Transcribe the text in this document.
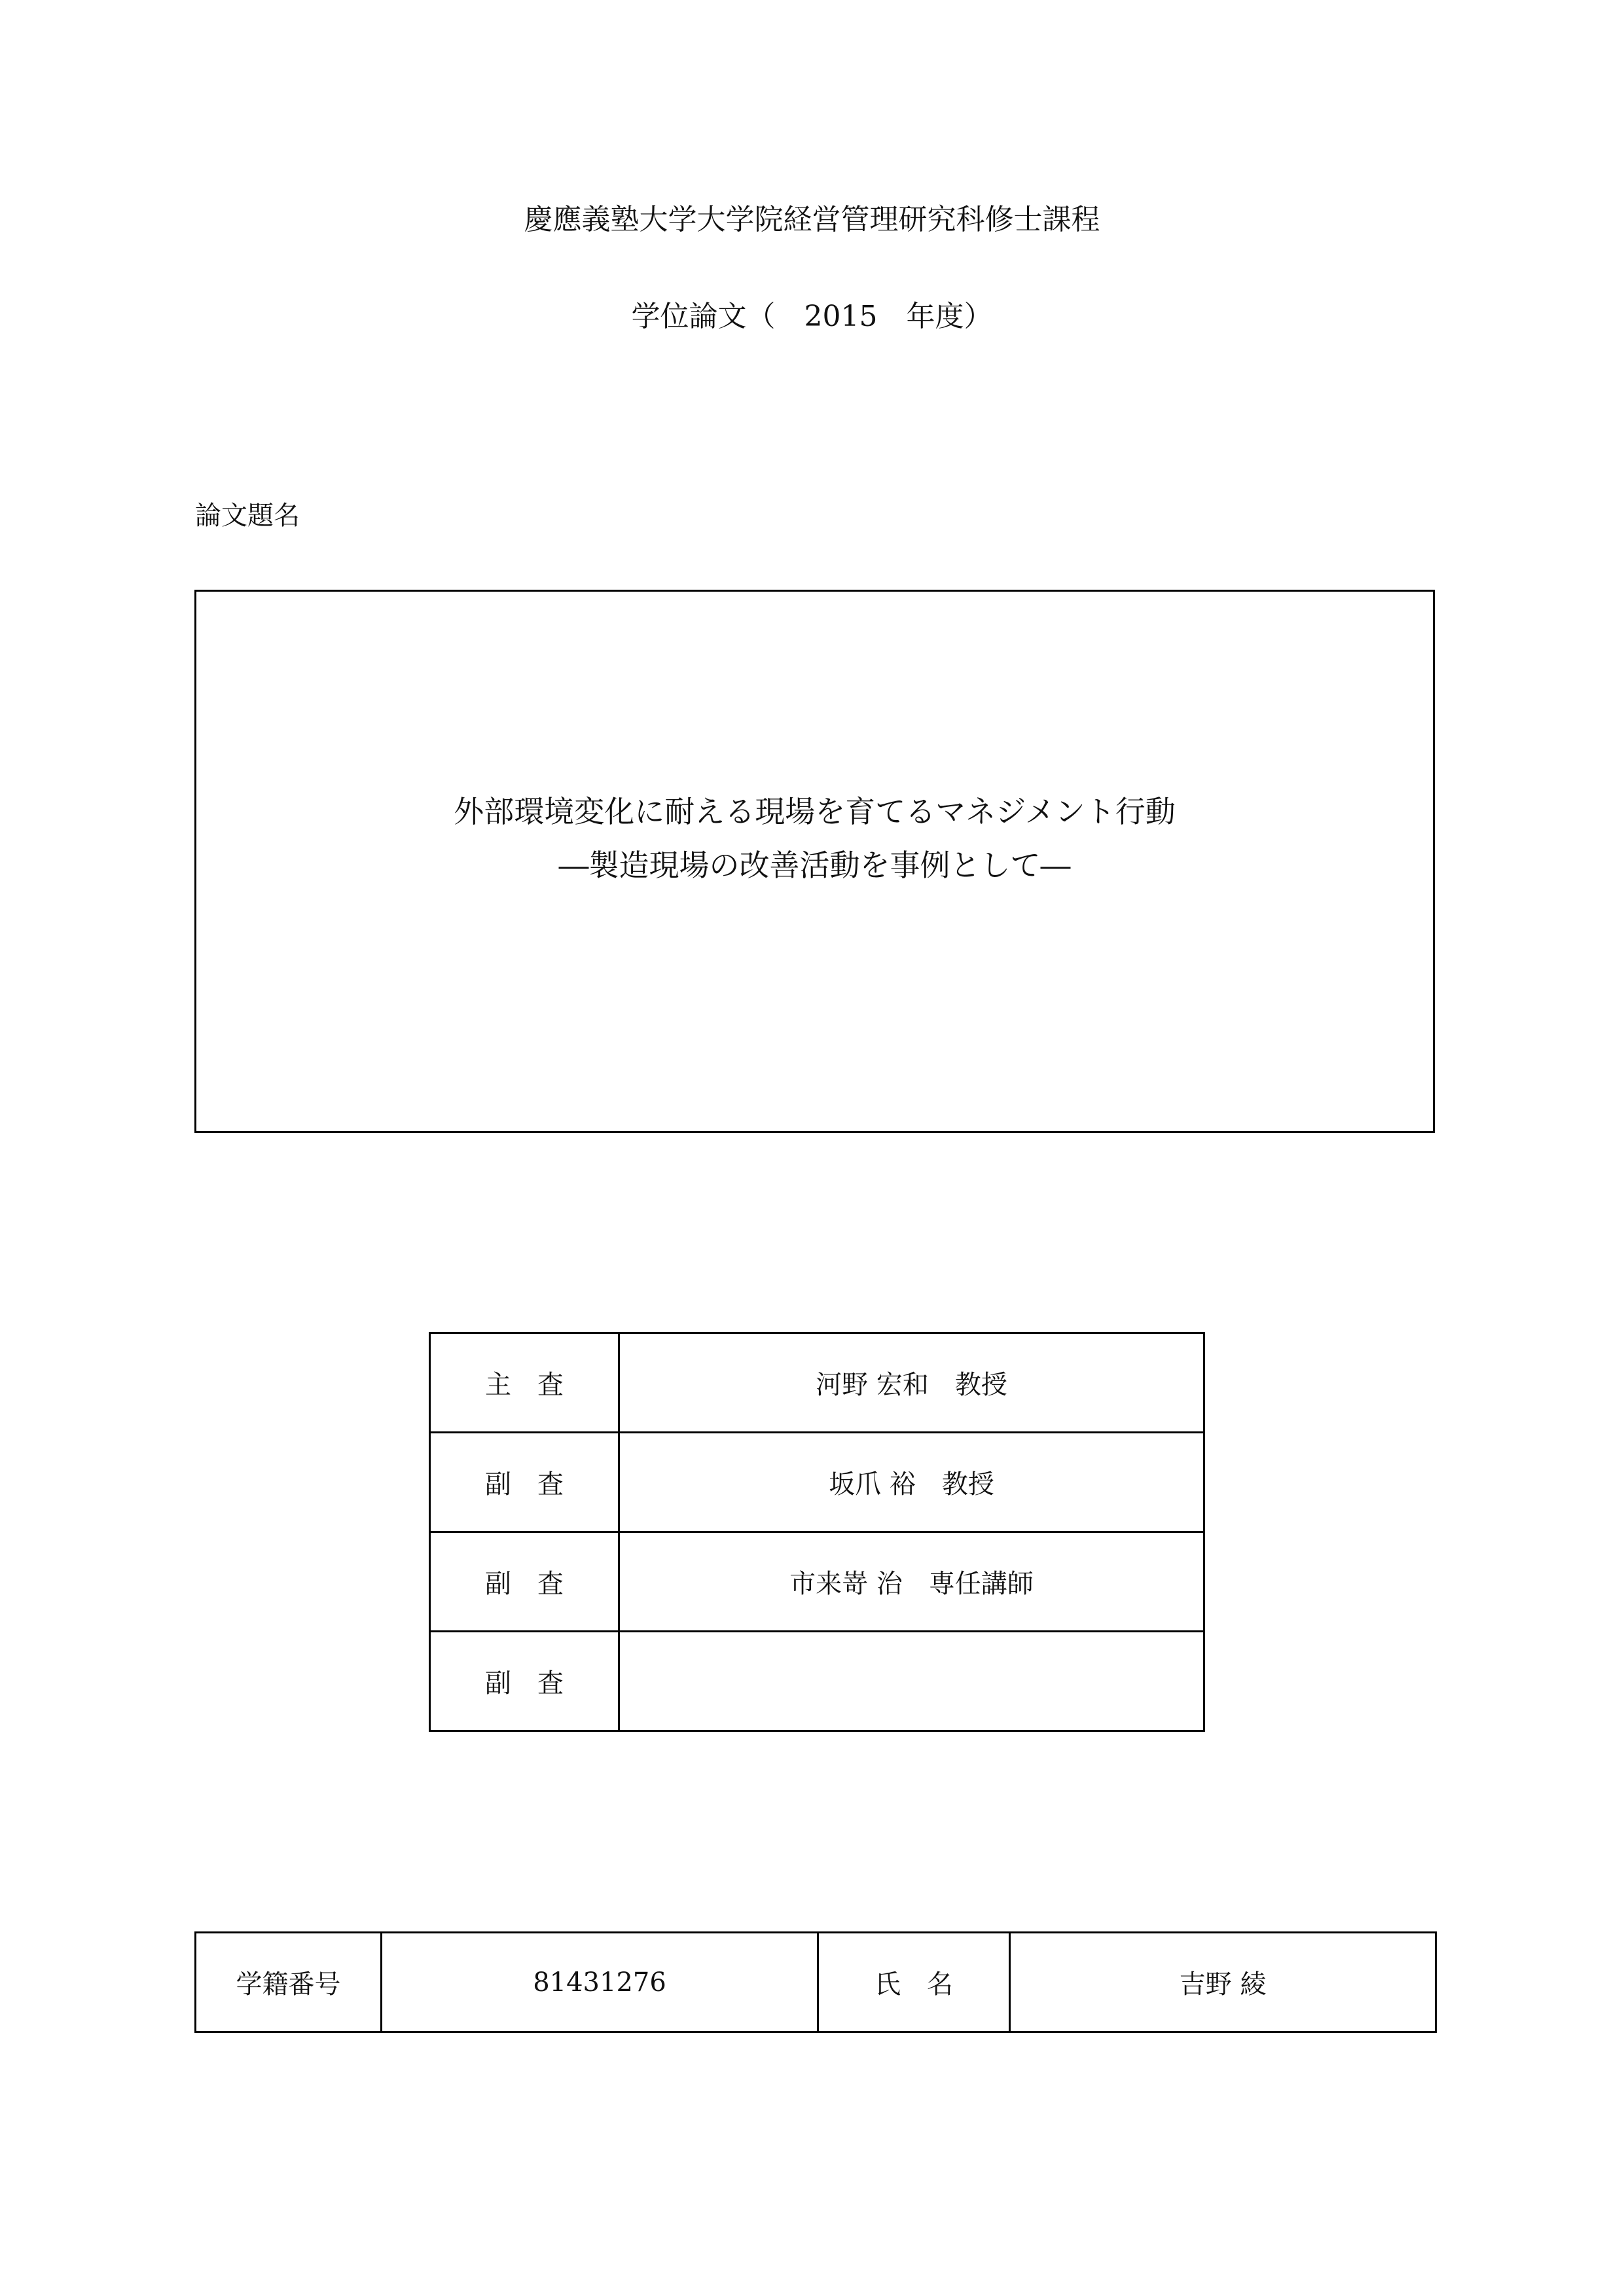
慶應義塾大学大学院経営管理研究科修士課程
学位論文（　2015　年度）
論文題名
外部環境変化に耐える現場を育てるマネジメント行動
―製造現場の改善活動を事例として―
主　査	河野 宏和　教授
副　査	坂爪 裕　教授
副　査	市来嵜 治　専任講師
副　査	
学籍番号	81431276	氏　名	吉野 綾
